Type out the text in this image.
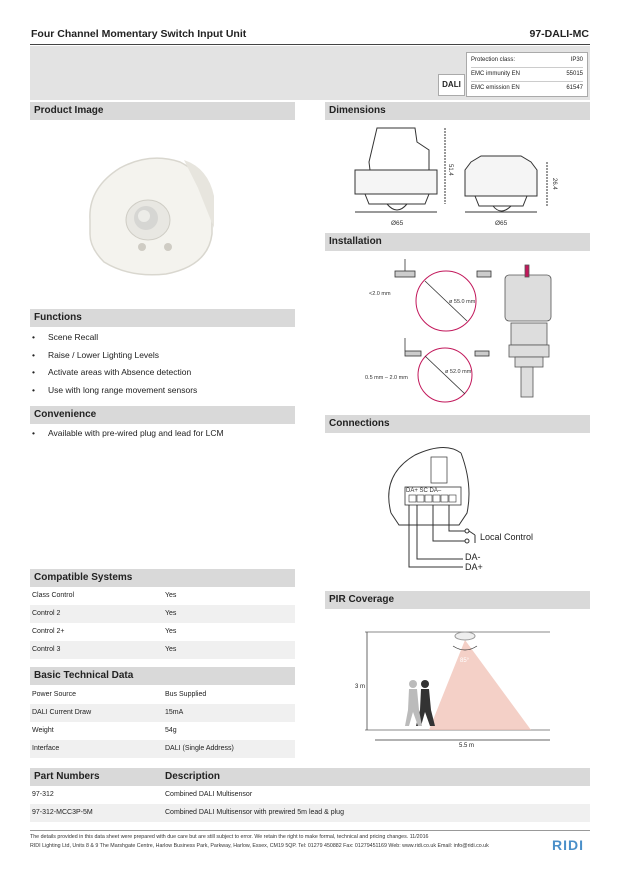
Four Channel Momentary Switch Input Unit	97-DALI-MC
DALI
Protection class:	IP30
EMC immunity EN	55015
EMC emission EN	61547
Product Image
Functions
• Scene Recall
• Raise / Lower Lighting Levels
• Activate areas with Absence detection
• Use with long range movement sensors
Convenience
• Available with pre-wired plug and lead for LCM
Compatible Systems
Class Control	Yes
Control 2	Yes
Control 2+	Yes
Control 3	Yes
Basic Technical Data
Power Source	Bus Supplied
DALI Current Draw	15mA
Weight	54g
Interface	DALI (Single Address)
Part Numbers	Description
97-312	Combined DALI Multisensor
97-312-MCC3P-5M	Combined DALI Multisensor with prewired 5m lead & plug
Dimensions
51.4
26.4
Ø65	Ø65
Installation
<2.0 mm
ø 55.0 mm
0.5 mm – 2.0 mm
ø 52.0 mm
Connections
DA+ SC DA–
Local Control
DA-
DA+
PIR Coverage
85°
3 m
5.5 m
The details provided in this data sheet were prepared with due care but are still subject to error. We retain the right to make formal, technical and pricing changes. 11/2016
RIDI Lighting Ltd, Units 8 & 9 The Marshgate Centre, Harlow Business Park, Parkway, Harlow, Essex, CM19 5QP. Tel: 01279 450882 Fax: 01279451169 Web: www.ridi.co.uk Email: info@ridi.co.uk	RIDI
